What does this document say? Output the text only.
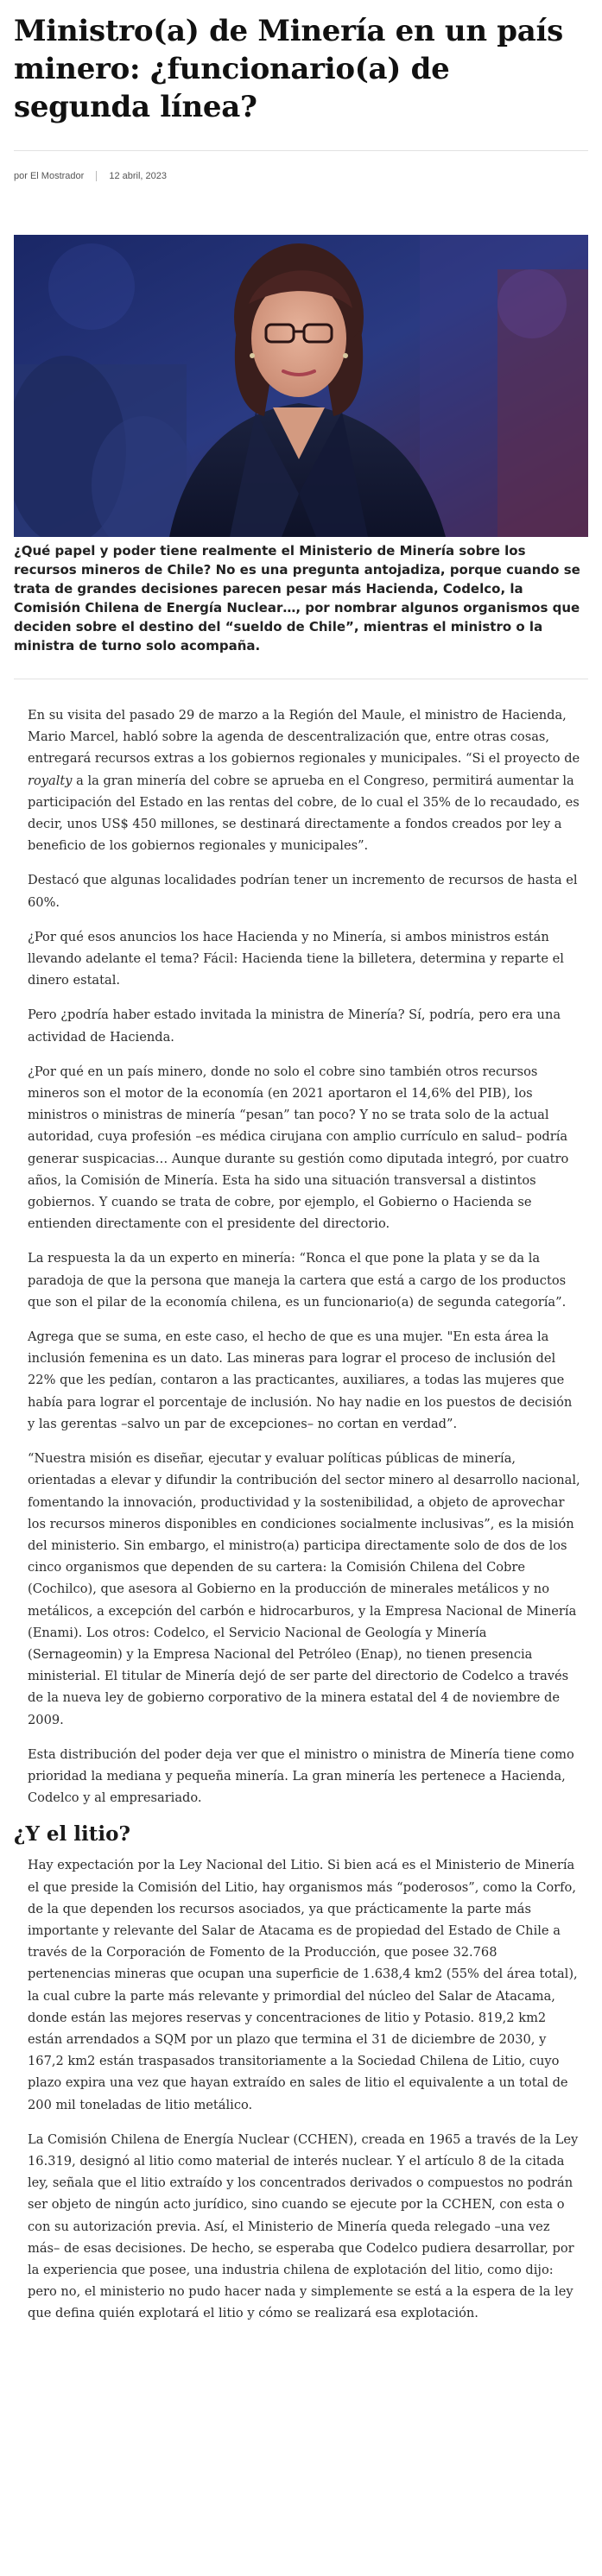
Ministro(a) de Minería en un país minero: ¿funcionario(a) de segunda línea?
por
El Mostrador	12 abril, 2023

¿Qué papel y poder tiene realmente el Ministerio de Minería sobre los recursos mineros de Chile? No es una pregunta antojadiza, porque cuando se trata de grandes decisiones parecen pesar más Hacienda, Codelco, la Comisión Chilena de Energía Nuclear…, por nombrar algunos organismos que deciden sobre el destino del “sueldo de Chile”, mientras el ministro o la ministra de turno solo acompaña.

En su visita del pasado 29 de marzo a la Región del Maule, el ministro de Hacienda, Mario Marcel, habló sobre la agenda de descentralización que, entre otras cosas, entregará recursos extras a los gobiernos regionales y municipales. “Si el proyecto de royalty a la gran minería del cobre se aprueba en el Congreso, permitirá aumentar la participación del Estado en las rentas del cobre, de lo cual el 35% de lo recaudado, es decir, unos US$ 450 millones, se destinará directamente a fondos creados por ley a beneficio de los gobiernos regionales y municipales”.

Destacó que algunas localidades podrían tener un incremento de recursos de hasta el 60%.

¿Por qué esos anuncios los hace Hacienda y no Minería, si ambos ministros están llevando adelante el tema? Fácil: Hacienda tiene la billetera, determina y reparte el dinero estatal.

Pero ¿podría haber estado invitada la ministra de Minería? Sí, podría, pero era una actividad de Hacienda.

¿Por qué en un país minero, donde no solo el cobre sino también otros recursos mineros son el motor de la economía (en 2021 aportaron el 14,6% del PIB), los ministros o ministras de minería “pesan” tan poco? Y no se trata solo de la actual autoridad, cuya profesión –es médica cirujana con amplio currículo en salud– podría generar suspicacias… Aunque durante su gestión como diputada integró, por cuatro años, la Comisión de Minería. Esta ha sido una situación transversal a distintos gobiernos. Y cuando se trata de cobre, por ejemplo, el Gobierno o Hacienda se entienden directamente con el presidente del directorio.

La respuesta la da un experto en minería: “Ronca el que pone la plata y se da la paradoja de que la persona que maneja la cartera que está a cargo de los productos que son el pilar de la economía chilena, es un funcionario(a) de segunda categoría”.

Agrega que se suma, en este caso, el hecho de que es una mujer. "En esta área la inclusión femenina es un dato. Las mineras para lograr el proceso de inclusión del 22% que les pedían, contaron a las practicantes, auxiliares, a todas las mujeres que había para lograr el porcentaje de inclusión. No hay nadie en los puestos de decisión y las gerentas –salvo un par de excepciones– no cortan en verdad”.

“Nuestra misión es diseñar, ejecutar y evaluar políticas públicas de minería, orientadas a elevar y difundir la contribución del sector minero al desarrollo nacional, fomentando la innovación, productividad y la sostenibilidad, a objeto de aprovechar los recursos mineros disponibles en condiciones socialmente inclusivas”, es la misión del ministerio. Sin embargo, el ministro(a) participa directamente solo de dos de los cinco organismos que dependen de su cartera: la Comisión Chilena del Cobre (Cochilco), que asesora al Gobierno en la producción de minerales metálicos y no metálicos, a excepción del carbón e hidrocarburos, y la Empresa Nacional de Minería (Enami). Los otros: Codelco, el Servicio Nacional de Geología y Minería (Sernageomin) y la Empresa Nacional del Petróleo (Enap), no tienen presencia ministerial. El titular de Minería dejó de ser parte del directorio de Codelco a través de la nueva ley de gobierno corporativo de la minera estatal del 4 de noviembre de 2009.

Esta distribución del poder deja ver que el ministro o ministra de Minería tiene como prioridad la mediana y pequeña minería. La gran minería les pertenece a Hacienda, Codelco y al empresariado.

¿Y el litio?

Hay expectación por la Ley Nacional del Litio. Si bien acá es el Ministerio de Minería el que preside la Comisión del Litio, hay organismos más “poderosos”, como la Corfo, de la que dependen los recursos asociados, ya que prácticamente la parte más importante y relevante del Salar de Atacama es de propiedad del Estado de Chile a través de la Corporación de Fomento de la Producción, que posee 32.768 pertenencias mineras que ocupan una superficie de 1.638,4 km2 (55% del área total), la cual cubre la parte más relevante y primordial del núcleo del Salar de Atacama, donde están las mejores reservas y concentraciones de litio y Potasio. 819,2 km2 están arrendados a SQM por un plazo que termina el 31 de diciembre de 2030, y 167,2 km2 están traspasados transitoriamente a la Sociedad Chilena de Litio, cuyo plazo expira una vez que hayan extraído en sales de litio el equivalente a un total de 200 mil toneladas de litio metálico.

La Comisión Chilena de Energía Nuclear (CCHEN), creada en 1965 a través de la Ley 16.319, designó al litio como material de interés nuclear. Y el artículo 8 de la citada ley, señala que el litio extraído y los concentrados derivados o compuestos no podrán ser objeto de ningún acto jurídico, sino cuando se ejecute por la CCHEN, con esta o con su autorización previa. Así, el Ministerio de Minería queda relegado –una vez más– de esas decisiones. De hecho, se esperaba que Codelco pudiera desarrollar, por la experiencia que posee, una industria chilena de explotación del litio, como dijo: pero no, el ministerio no pudo hacer nada y simplemente se está a la espera de la ley que defina quién explotará el litio y cómo se realizará esa explotación.
